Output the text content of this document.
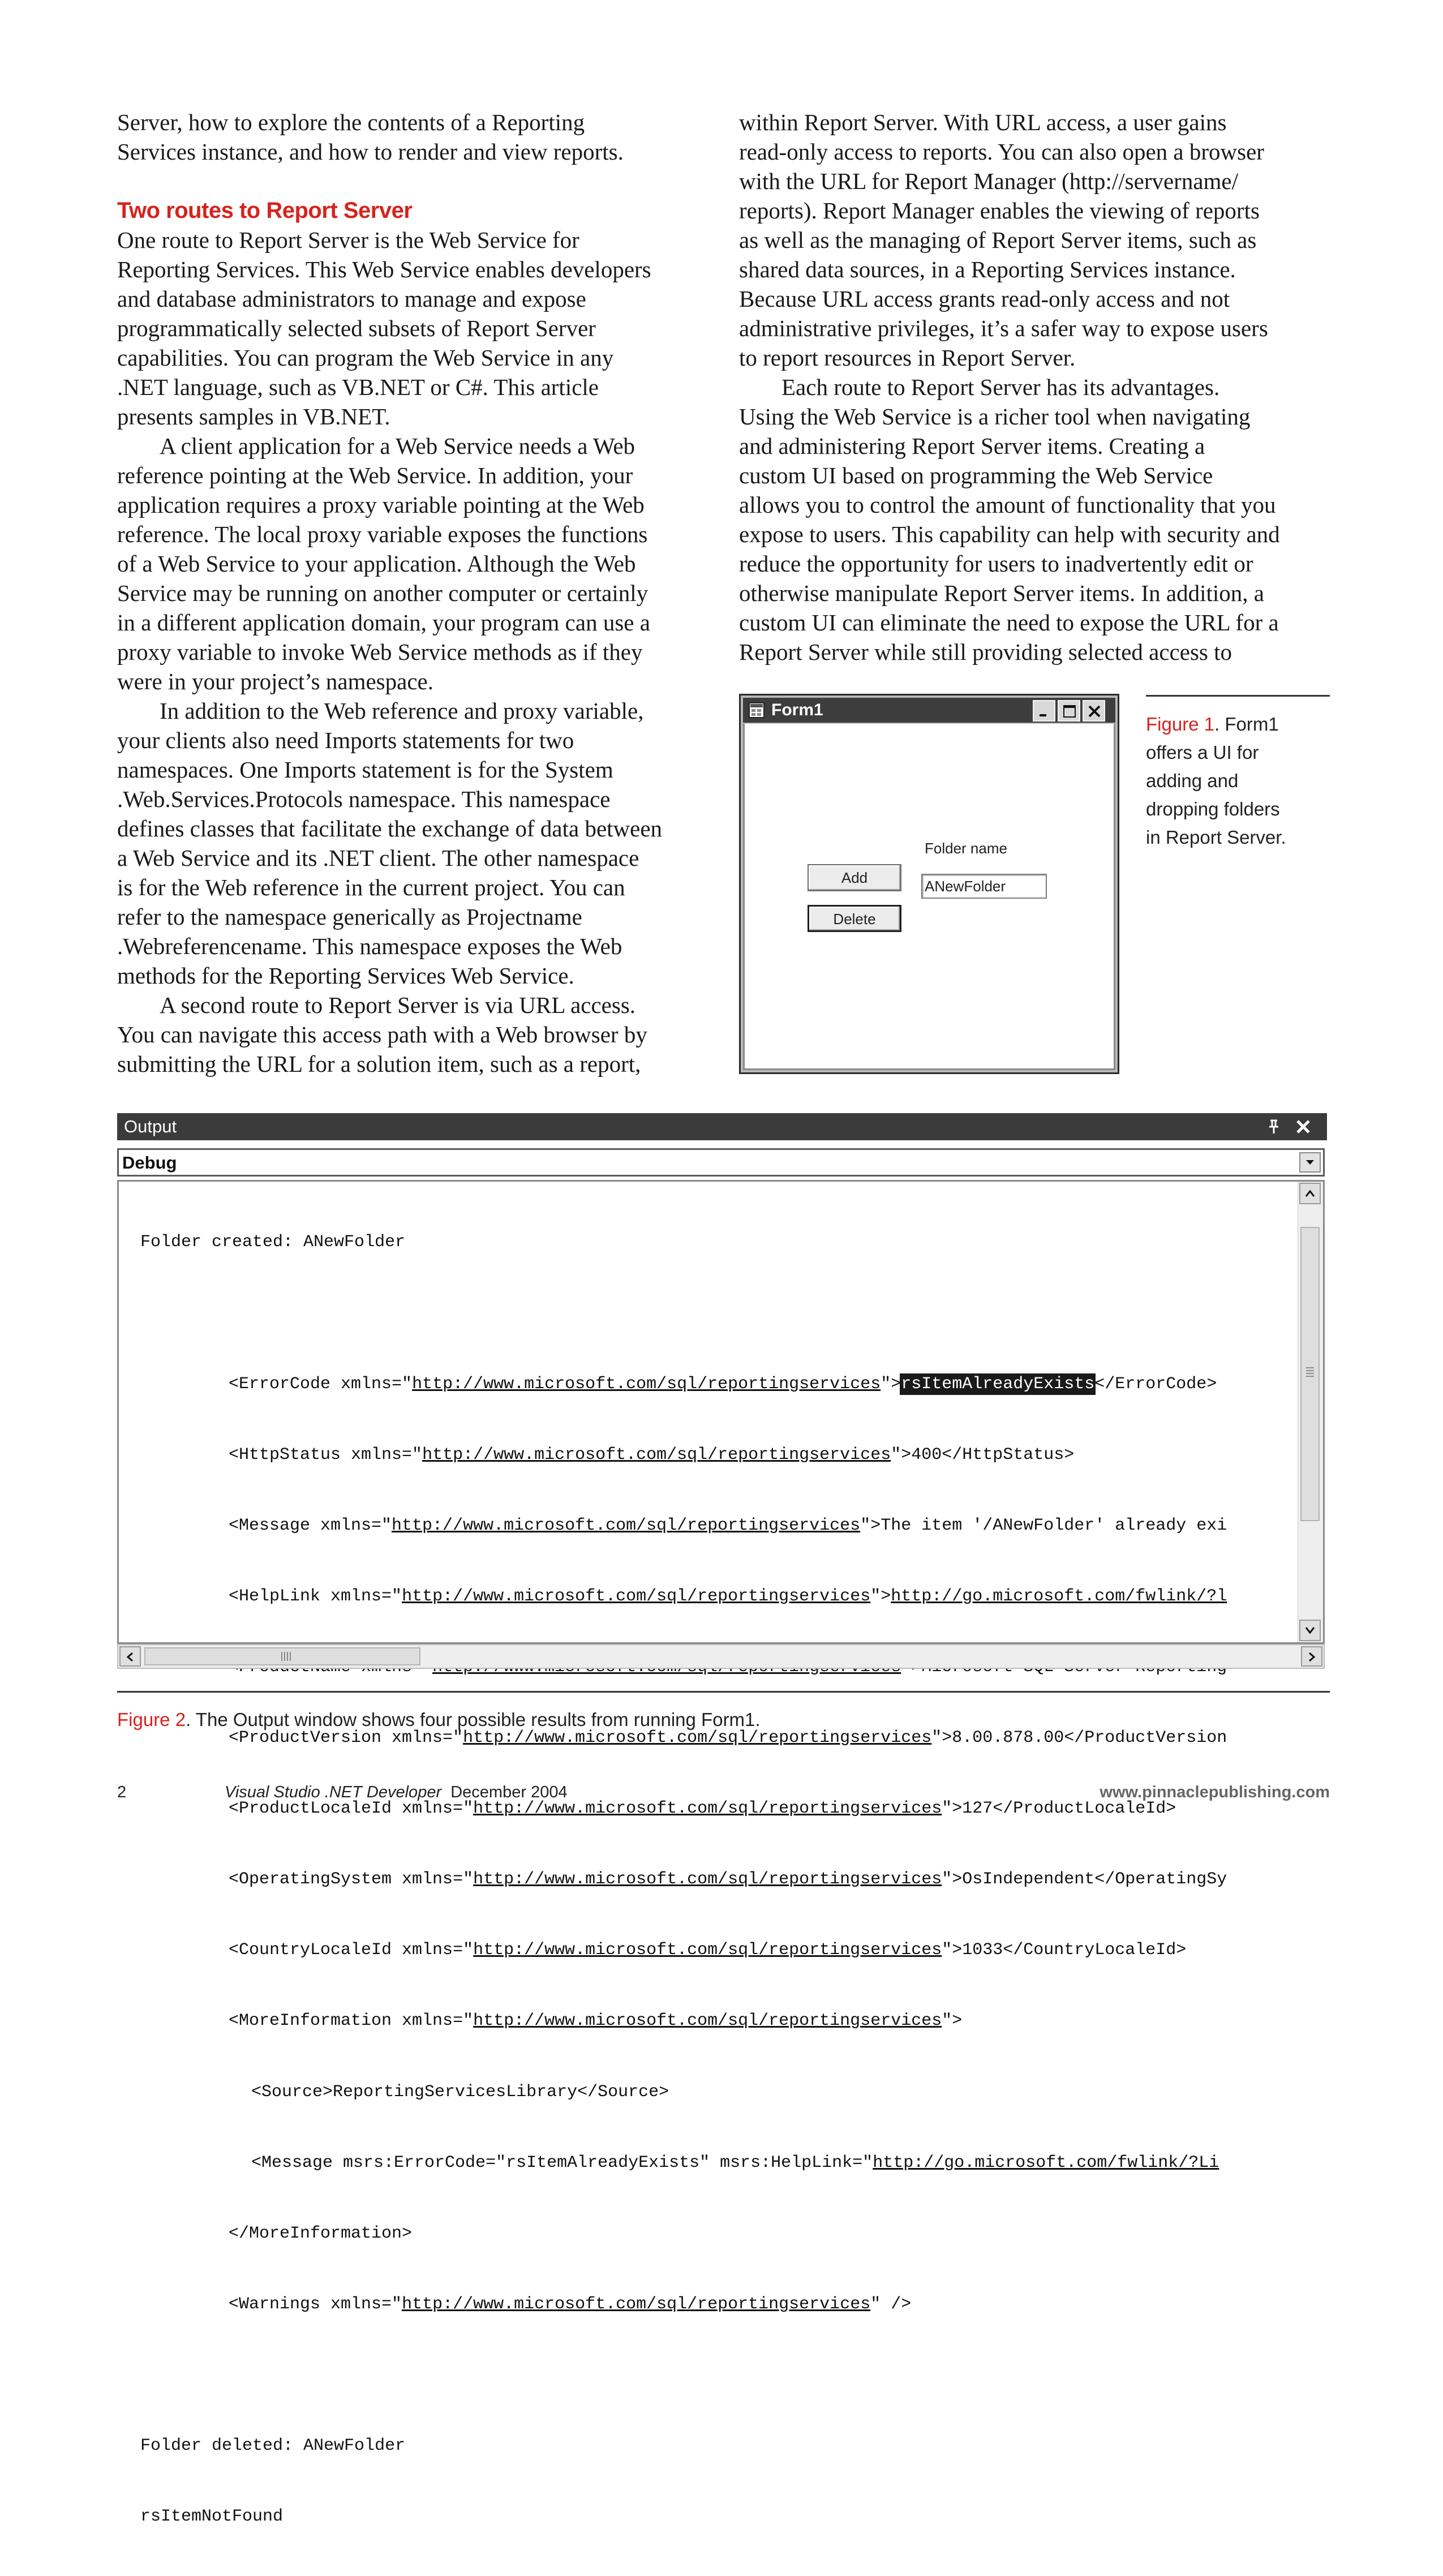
Server, how to explore the contents of a Reporting
Services instance, and how to render and view reports.
Two routes to Report Server
One route to Report Server is the Web Service for
Reporting Services. This Web Service enables developers
and database administrators to manage and expose
programmatically selected subsets of Report Server
capabilities. You can program the Web Service in any
.NET language, such as VB.NET or C#. This article
presents samples in VB.NET.
A client application for a Web Service needs a Web
reference pointing at the Web Service. In addition, your
application requires a proxy variable pointing at the Web
reference. The local proxy variable exposes the functions
of a Web Service to your application. Although the Web
Service may be running on another computer or certainly
in a different application domain, your program can use a
proxy variable to invoke Web Service methods as if they
were in your project’s namespace.
In addition to the Web reference and proxy variable,
your clients also need Imports statements for two
namespaces. One Imports statement is for the System
.Web.Services.Protocols namespace. This namespace
defines classes that facilitate the exchange of data between
a Web Service and its .NET client. The other namespace
is for the Web reference in the current project. You can
refer to the namespace generically as Projectname
.Webreferencename. This namespace exposes the Web
methods for the Reporting Services Web Service.
A second route to Report Server is via URL access.
You can navigate this access path with a Web browser by
submitting the URL for a solution item, such as a report,
within Report Server. With URL access, a user gains
read-only access to reports. You can also open a browser
with the URL for Report Manager (http://servername/
reports). Report Manager enables the viewing of reports
as well as the managing of Report Server items, such as
shared data sources, in a Reporting Services instance.
Because URL access grants read-only access and not
administrative privileges, it’s a safer way to expose users
to report resources in Report Server.
Each route to Report Server has its advantages.
Using the Web Service is a richer tool when navigating
and administering Report Server items. Creating a
custom UI based on programming the Web Service
allows you to control the amount of functionality that you
expose to users. This capability can help with security and
reduce the opportunity for users to inadvertently edit or
otherwise manipulate Report Server items. In addition, a
custom UI can eliminate the need to expose the URL for a
Report Server while still providing selected access to
Form1
Folder name
Add
Delete
ANewFolder
Figure 1. Form1
offers a UI for
adding and
dropping folders
in Report Server.
Output
Debug

Folder created: ANewFolder

<ErrorCode xmlns="http://www.microsoft.com/sql/reportingservices">rsItemAlreadyExists</ErrorCode>

<HttpStatus xmlns="http://www.microsoft.com/sql/reportingservices">400</HttpStatus>

<Message xmlns="http://www.microsoft.com/sql/reportingservices">The item '/ANewFolder' already exi

<HelpLink xmlns="http://www.microsoft.com/sql/reportingservices">http://go.microsoft.com/fwlink/?l

<ProductVersion xmlns="http://www.microsoft.com/sql/reportingservices">8.00.878.00</ProductVersion

<ProductLocaleId xmlns="http://www.microsoft.com/sql/reportingservices">127</ProductLocaleId>

<OperatingSystem xmlns="http://www.microsoft.com/sql/reportingservices">OsIndependent</OperatingSy

<CountryLocaleId xmlns="http://www.microsoft.com/sql/reportingservices">1033</CountryLocaleId>

<MoreInformation xmlns="http://www.microsoft.com/sql/reportingservices">

<Source>ReportingServicesLibrary</Source>

<Message msrs:ErrorCode="rsItemAlreadyExists" msrs:HelpLink="http://go.microsoft.com/fwlink/?Li

</MoreInformation>

<Warnings xmlns="http://www.microsoft.com/sql/reportingservices" />

Folder deleted: ANewFolder

rsItemNotFound

Figure 2. The Output window shows four possible results from running Form1.
2	Visual Studio .NET Developer December 2004	www.pinnaclepublishing.com
